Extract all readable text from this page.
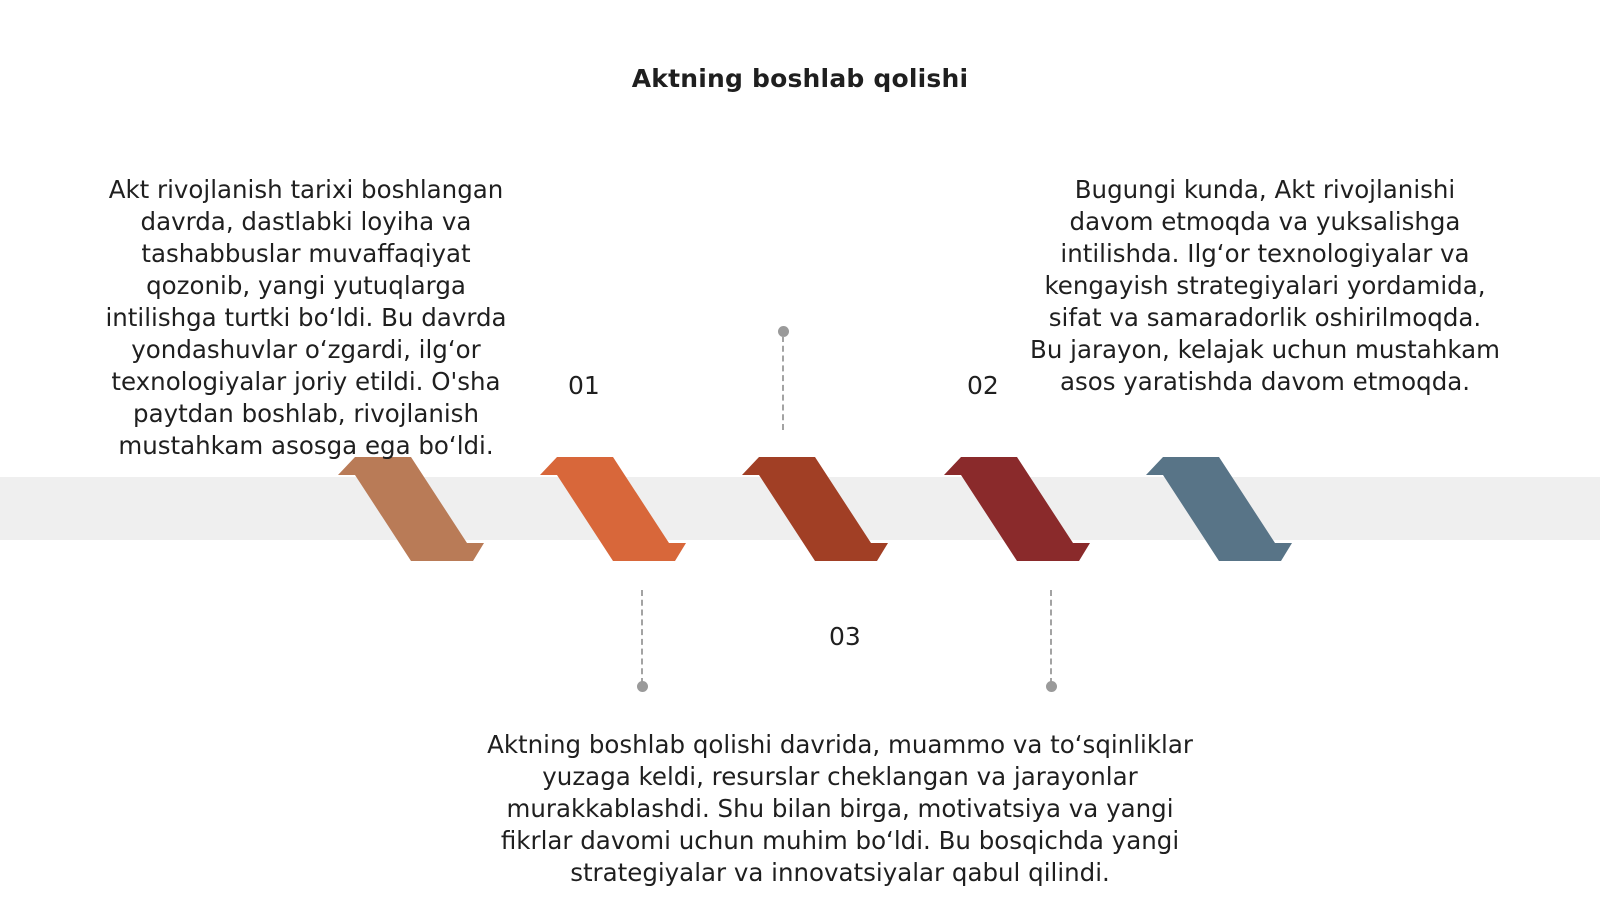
Aktning boshlab qolishi
01	02
03
Akt rivojlanish tarixi boshlangan davrda, dastlabki loyiha va tashabbuslar muvaffaqiyat qozonib, yangi yutuqlarga intilishga turtki bo‘ldi. Bu davrda yondashuvlar o‘zgardi, ilg‘or texnologiyalar joriy etildi. O'sha paytdan boshlab, rivojlanish mustahkam asosga ega bo‘ldi.
Bugungi kunda, Akt rivojlanishi davom etmoqda va yuksalishga intilishda. Ilg‘or texnologiyalar va kengayish strategiyalari yordamida, sifat va samaradorlik oshirilmoqda. Bu jarayon, kelajak uchun mustahkam asos yaratishda davom etmoqda.
Aktning boshlab qolishi davrida, muammo va to‘sqinliklar yuzaga keldi, resurslar cheklangan va jarayonlar murakkablashdi. Shu bilan birga, motivatsiya va yangi fikrlar davomi uchun muhim bo‘ldi. Bu bosqichda yangi strategiyalar va innovatsiyalar qabul qilindi.
